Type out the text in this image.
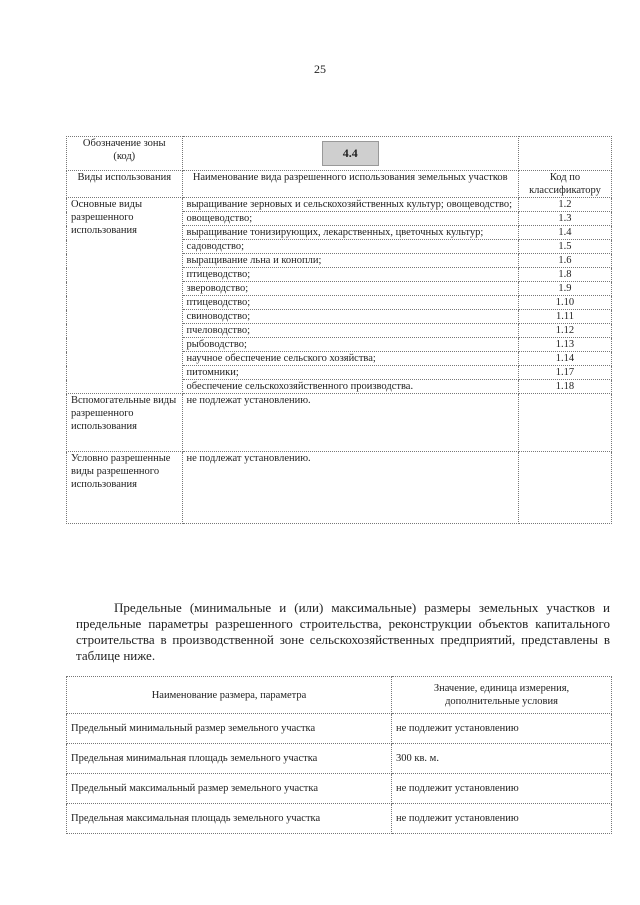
25
Обозначение зоны (код)	4.4	
Виды использования	Наименование вида разрешенного использования земельных участков	Код по классификатору
Основные виды разрешенного использования	выращивание зерновых и сельскохозяйственных культур; овощеводство;	1.2
	овощеводство;	1.3
	выращивание тонизирующих, лекарственных, цветочных культур;	1.4
	садоводство;	1.5
	выращивание льна и конопли;	1.6
	птицеводство;	1.8
	звероводство;	1.9
	птицеводство;	1.10
	свиноводство;	1.11
	пчеловодство;	1.12
	рыбоводство;	1.13
	научное обеспечение сельского хозяйства;	1.14
	питомники;	1.17
	обеспечение сельскохозяйственного производства.	1.18
Вспомогательные виды разрешенного использования	не подлежат установлению.	
Условно разрешенные виды разрешенного использования	не подлежат установлению.	
Предельные (минимальные и (или) максимальные) размеры земельных участков и предельные параметры разрешенного строительства, реконструкции объектов капитального строительства в производственной зоне сельскохозяйственных предприятий, представлены в таблице ниже.
Наименование размера, параметра	Значение, единица измерения, дополнительные условия
Предельный минимальный размер земельного участка	не подлежит установлению
Предельная минимальная площадь земельного участка	300 кв. м.
Предельный максимальный размер земельного участка	не подлежит установлению
Предельная максимальная площадь земельного участка	не подлежит установлению
